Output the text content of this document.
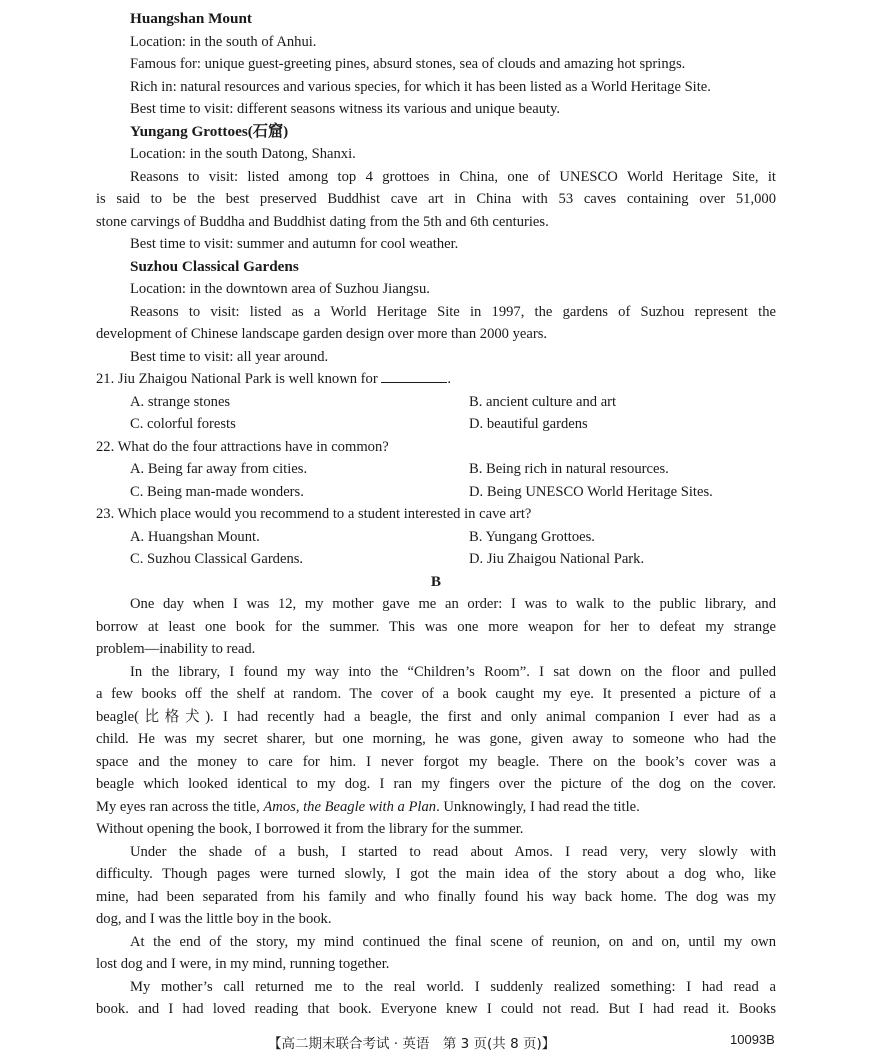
Huangshan Mount
Location: in the south of Anhui.
Famous for: unique guest-greeting pines, absurd stones, sea of clouds and amazing hot springs.
Rich in: natural resources and various species, for which it has been listed as a World Heritage Site.
Best time to visit: different seasons witness its various and unique beauty.
Yungang Grottoes(石窟)
Location: in the south Datong, Shanxi.
Reasons to visit: listed among top 4 grottoes in China, one of UNESCO World Heritage Site, it
is said to be the best preserved Buddhist cave art in China with 53 caves containing over 51,000
stone carvings of Buddha and Buddhist dating from the 5th and 6th centuries.
Best time to visit: summer and autumn for cool weather.
Suzhou Classical Gardens
Location: in the downtown area of Suzhou Jiangsu.
Reasons to visit: listed as a World Heritage Site in 1997, the gardens of Suzhou represent the
development of Chinese landscape garden design over more than 2000 years.
Best time to visit: all year around.
21. Jiu Zhaigou National Park is well known for	.
A. strange stones	B. ancient culture and art
C. colorful forests	D. beautiful gardens
22. What do the four attractions have in common?
A. Being far away from cities.	B. Being rich in natural resources.
C. Being man-made wonders.	D. Being UNESCO World Heritage Sites.
23. Which place would you recommend to a student interested in cave art?
A. Huangshan Mount.	B. Yungang Grottoes.
C. Suzhou Classical Gardens.	D. Jiu Zhaigou National Park.
B
One day when I was 12, my mother gave me an order: I was to walk to the public library, and
borrow at least one book for the summer. This was one more weapon for her to defeat my strange
problem—inability to read.
In the library, I found my way into the “Children’s Room”. I sat down on the floor and pulled
a few books off the shelf at random. The cover of a book caught my eye. It presented a picture of a
beagle(比格犬). I had recently had a beagle, the first and only animal companion I ever had as a
child. He was my secret sharer, but one morning, he was gone, given away to someone who had the
space and the money to care for him. I never forgot my beagle. There on the book’s cover was a
beagle which looked identical to my dog. I ran my fingers over the picture of the dog on the cover.
My eyes ran across the title, Amos, the Beagle with a Plan. Unknowingly, I had read the title.
Without opening the book, I borrowed it from the library for the summer.
Under the shade of a bush, I started to read about Amos. I read very, very slowly with
difficulty. Though pages were turned slowly, I got the main idea of the story about a dog who, like
mine, had been separated from his family and who finally found his way back home. The dog was my
dog, and I was the little boy in the book.
At the end of the story, my mind continued the final scene of reunion, on and on, until my own
lost dog and I were, in my mind, running together.
My mother’s call returned me to the real world. I suddenly realized something: I had read a
book. and I had loved reading that book. Everyone knew I could not read. But I had read it. Books
【高二期末联合考试 · 英语　第 3 页(共 8 页)】	10093B
